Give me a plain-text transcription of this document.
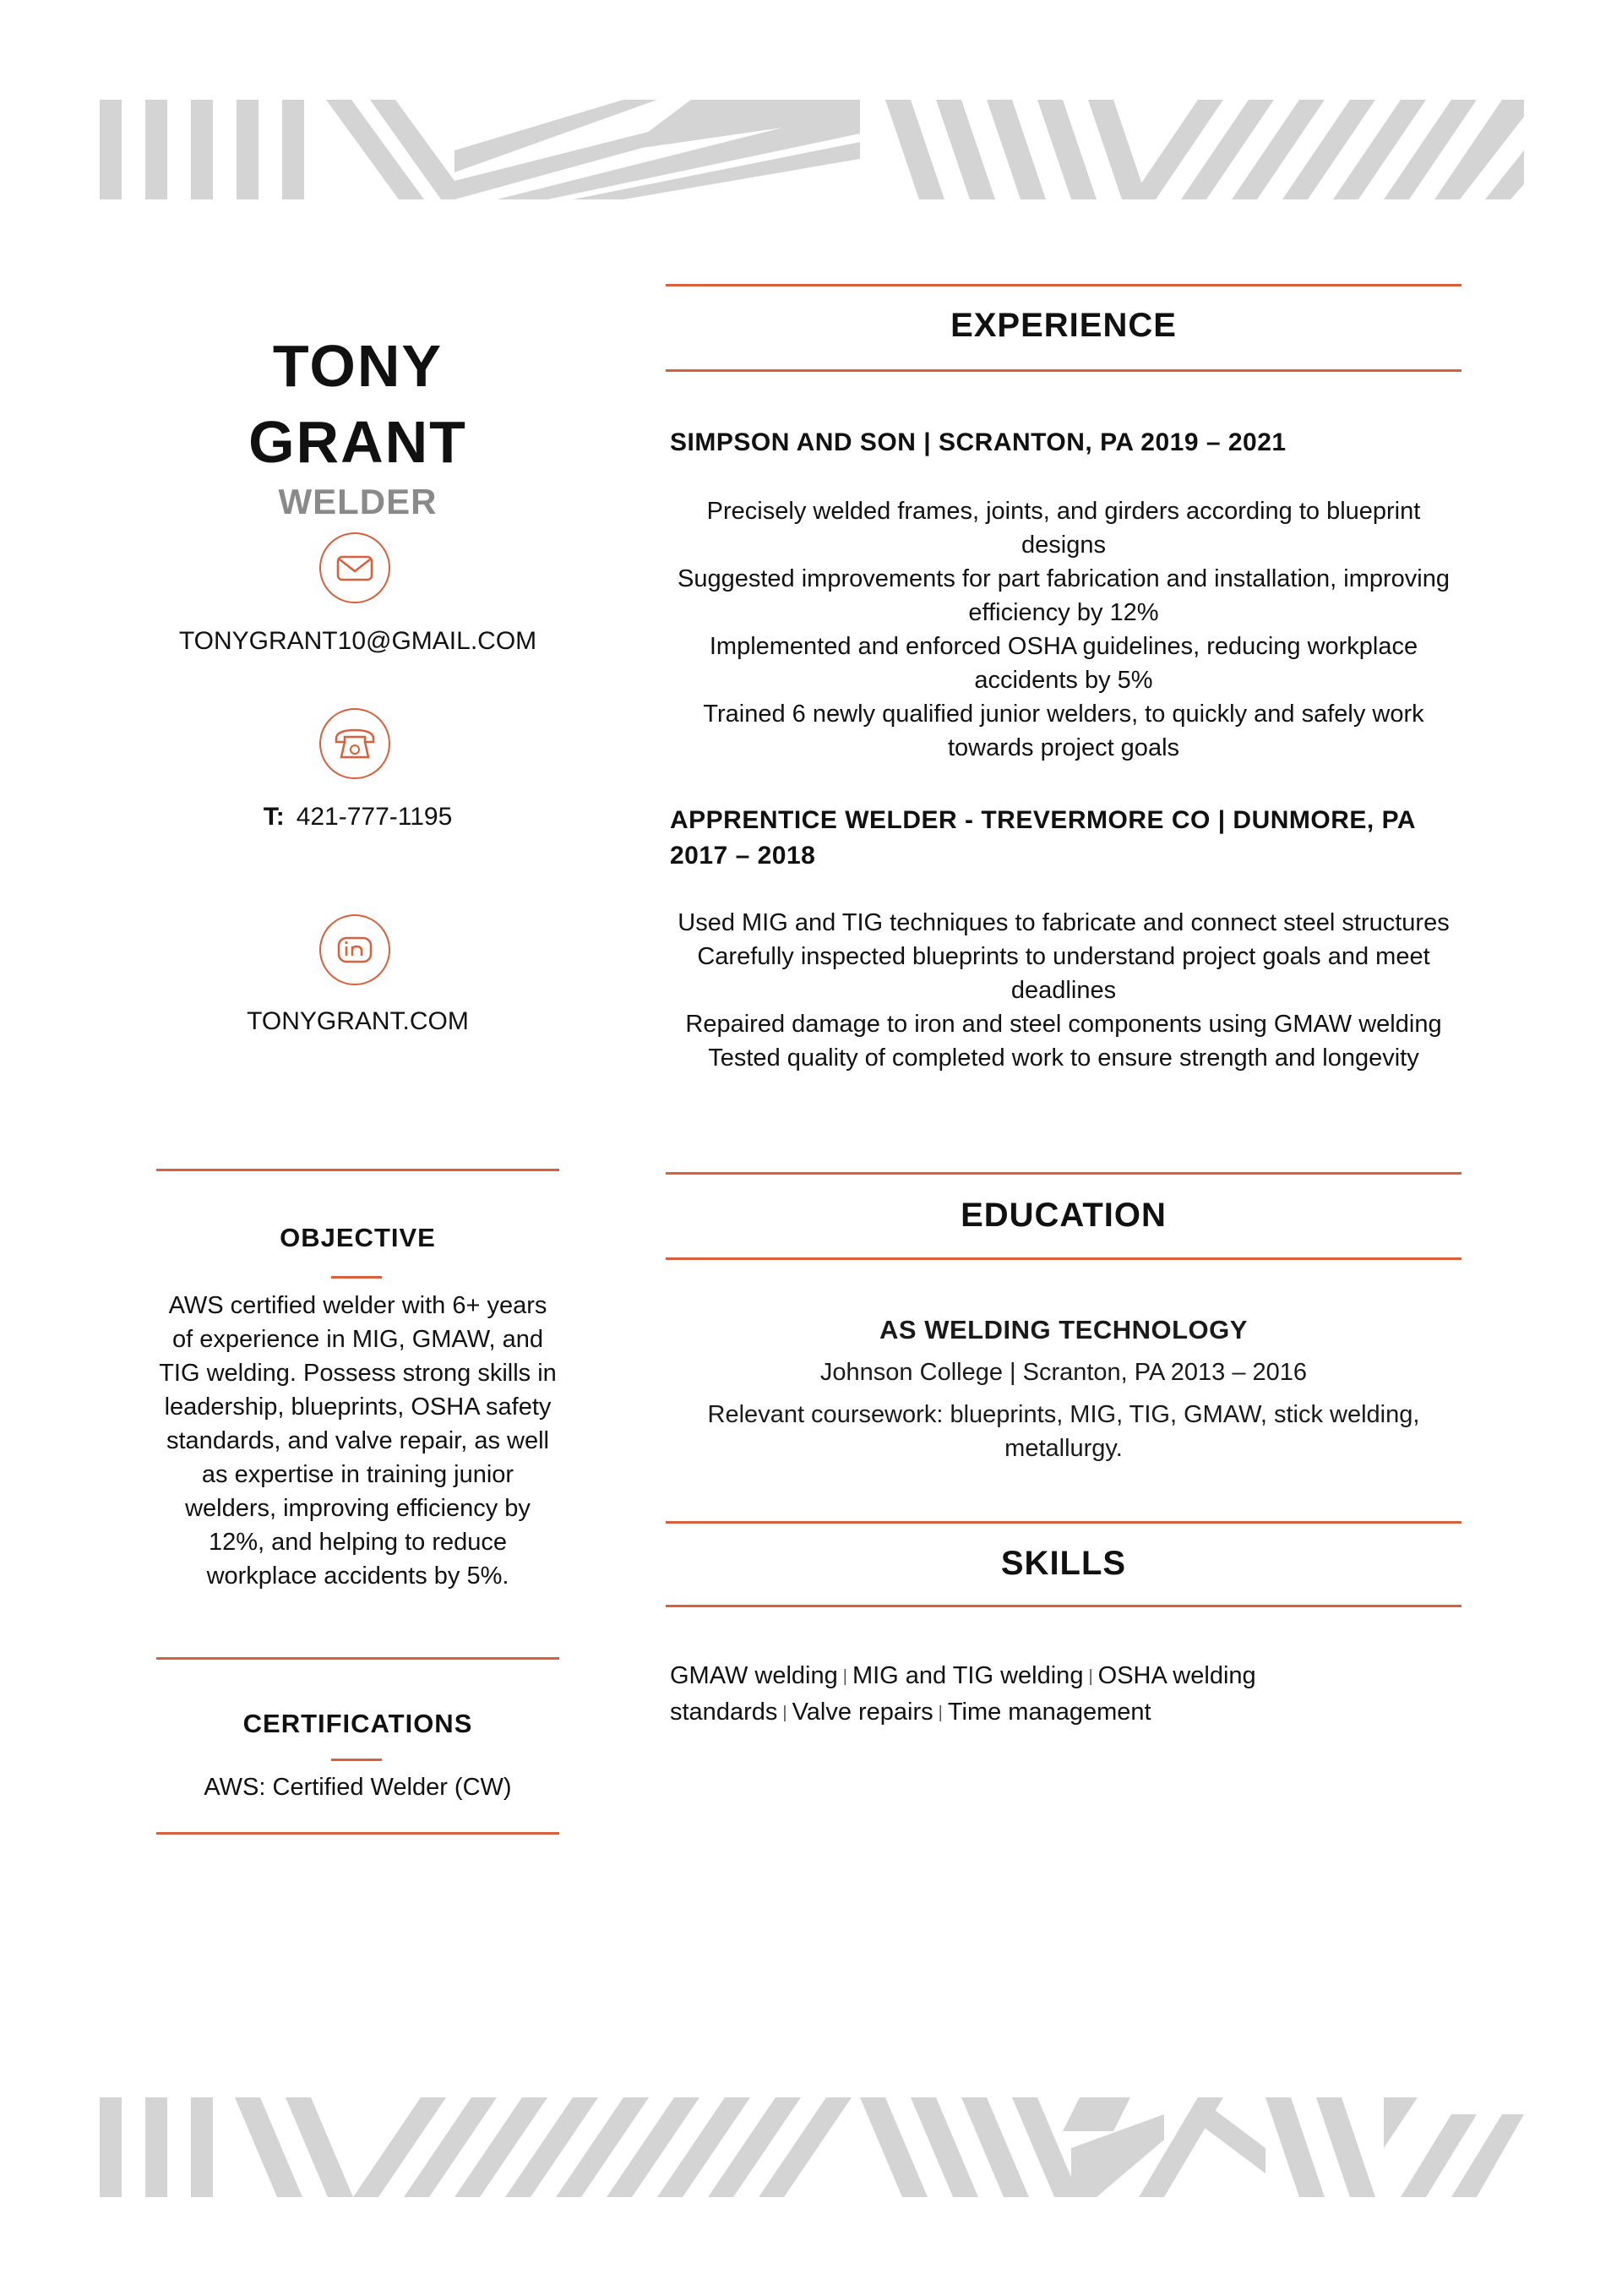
TONY
GRANT
WELDER
TONYGRANT10@GMAIL.COM
T: 421-777-1195
TONYGRANT.COM
OBJECTIVE
AWS certified welder with 6+ years of experience in MIG, GMAW, and TIG welding. Possess strong skills in leadership, blueprints, OSHA safety standards, and valve repair, as well as expertise in training junior welders, improving efficiency by 12%, and helping to reduce workplace accidents by 5%.
CERTIFICATIONS
AWS: Certified Welder (CW)
EXPERIENCE
SIMPSON AND SON | SCRANTON, PA 2019 – 2021
Precisely welded frames, joints, and girders according to blueprint designs
Suggested improvements for part fabrication and installation, improving efficiency by 12%
Implemented and enforced OSHA guidelines, reducing workplace accidents by 5%
Trained 6 newly qualified junior welders, to quickly and safely work towards project goals
APPRENTICE WELDER - TREVERMORE CO | DUNMORE, PA 2017 – 2018
Used MIG and TIG techniques to fabricate and connect steel structures
Carefully inspected blueprints to understand project goals and meet deadlines
Repaired damage to iron and steel components using GMAW welding
Tested quality of completed work to ensure strength and longevity
EDUCATION
AS WELDING TECHNOLOGY
Johnson College | Scranton, PA 2013 – 2016
Relevant coursework: blueprints, MIG, TIG, GMAW, stick welding, metallurgy.
SKILLS
GMAW welding | MIG and TIG welding | OSHA welding standards | Valve repairs | Time management
